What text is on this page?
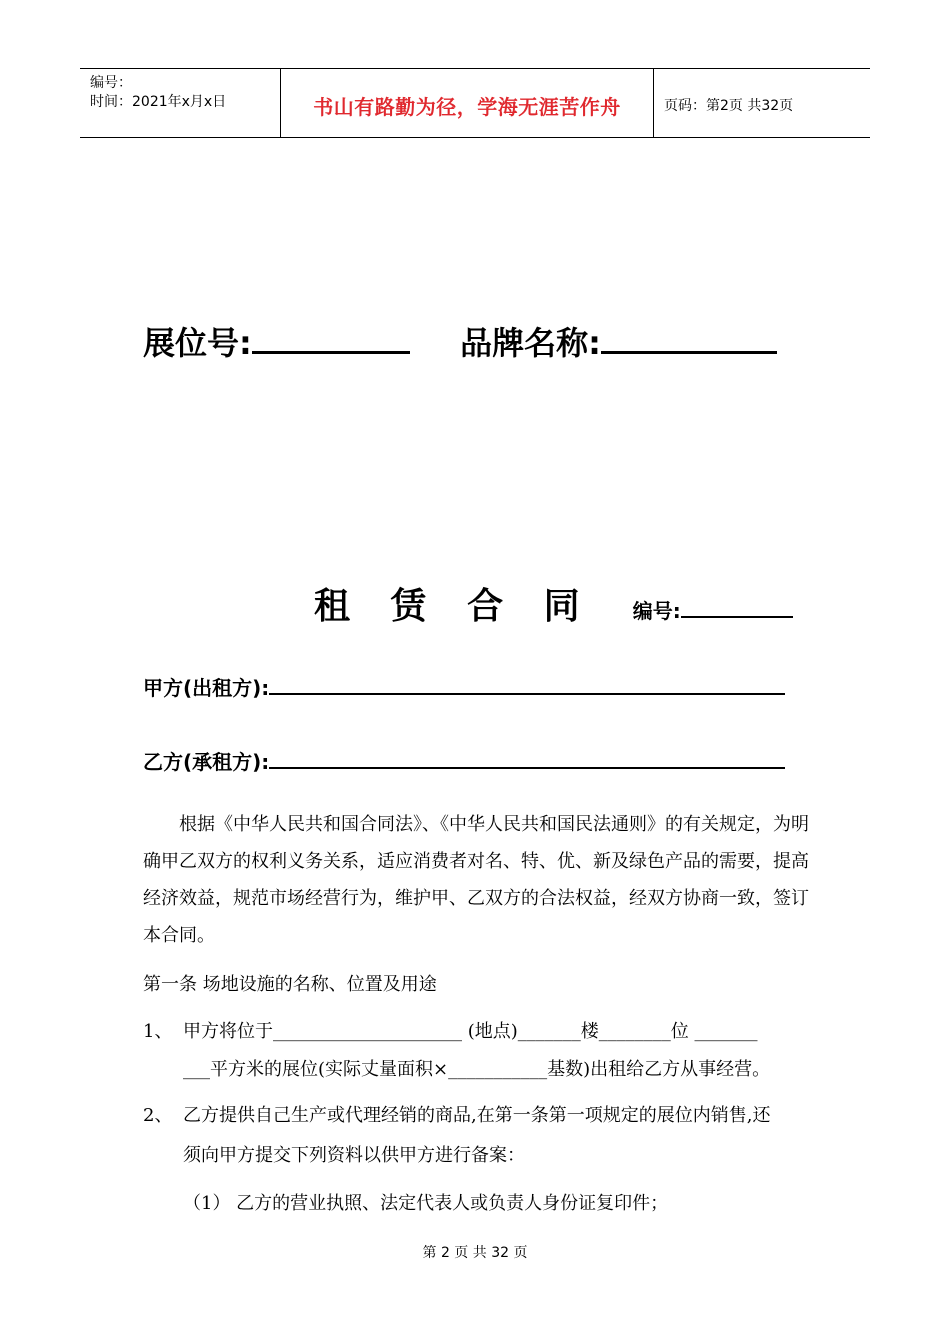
编号：
时间：2021年x月x日	书山有路勤为径，学海无涯苦作舟	页码：第2页 共32页
展位号:	品牌名称:
租 赁 合 同 编号:
甲方(出租方):
乙方(承租方):
根据《中华人民共和国合同法》、《中华人民共和国民法通则》的有关规定，为明确甲乙双方的权利义务关系，适应消费者对名、特、优、新及绿色产品的需要，提高经济效益，规范市场经营行为，维护甲、乙双方的合法权益，经双方协商一致，签订本合同。
第一条 场地设施的名称、位置及用途
1、 甲方将位于_____________________ (地点)_______楼________位 _______
___平方米的展位(实际丈量面积×___________基数)出租给乙方从事经营。
2、 乙方提供自己生产或代理经销的商品,在第一条第一项规定的展位内销售,还
须向甲方提交下列资料以供甲方进行备案：
（1） 乙方的营业执照、法定代表人或负责人身份证复印件；
第 2 页 共 32 页
